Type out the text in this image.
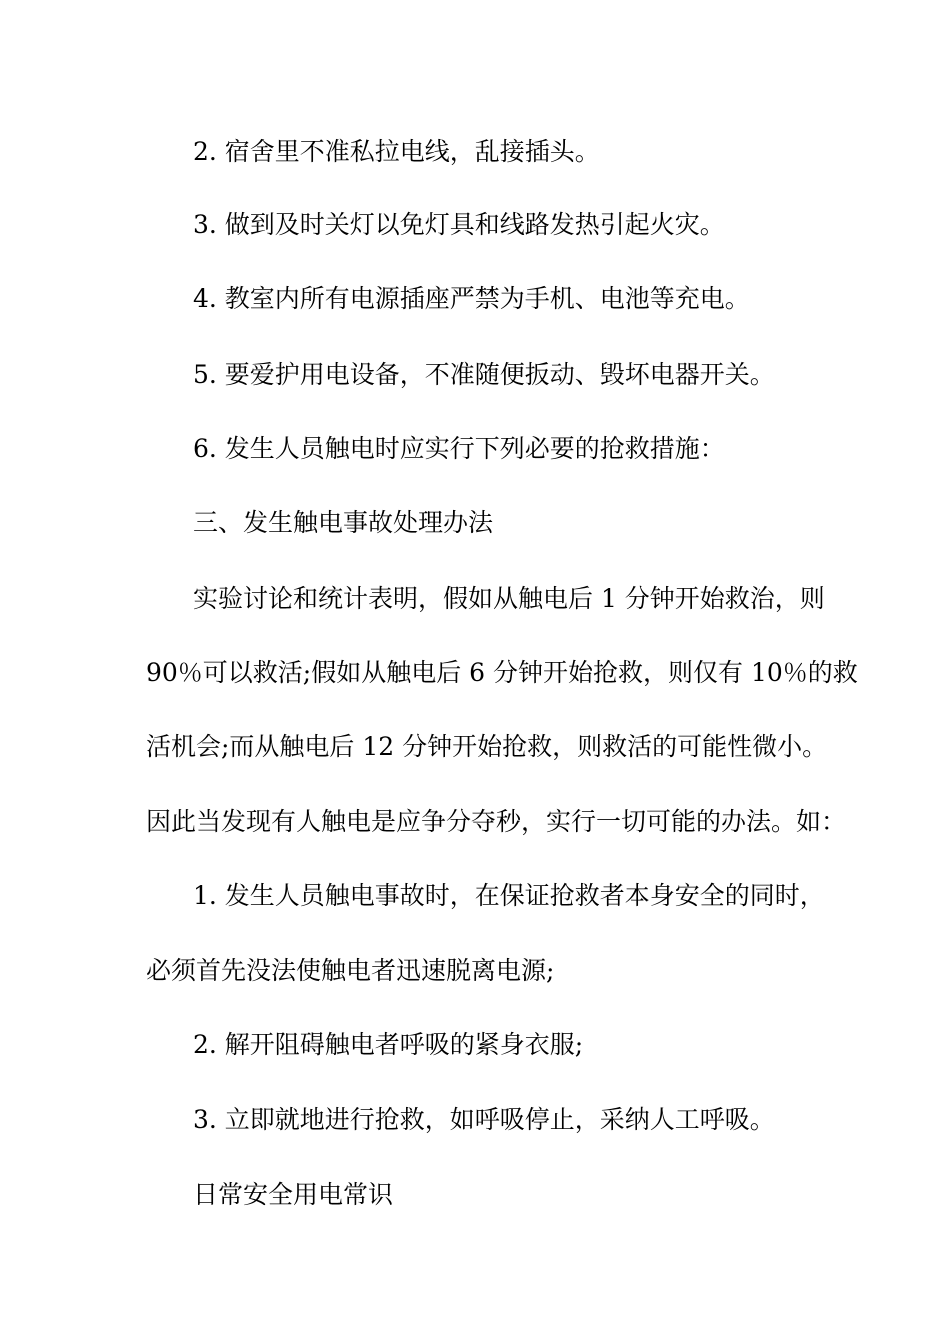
2. 宿舍里不准私拉电线，乱接插头。
3. 做到及时关灯以免灯具和线路发热引起火灾。
4. 教室内所有电源插座严禁为手机、电池等充电。
5. 要爱护用电设备，不准随便扳动、毁坏电器开关。
6. 发生人员触电时应实行下列必要的抢救措施：
三、发生触电事故处理办法
实验讨论和统计表明，假如从触电后 1 分钟开始救治，则
90％可以救活;假如从触电后 6 分钟开始抢救，则仅有 10％的救
活机会;而从触电后 12 分钟开始抢救，则救活的可能性微小。
因此当发现有人触电是应争分夺秒，实行一切可能的办法。如：
1. 发生人员触电事故时，在保证抢救者本身安全的同时，
必须首先没法使触电者迅速脱离电源;
2. 解开阻碍触电者呼吸的紧身衣服;
3. 立即就地进行抢救，如呼吸停止，采纳人工呼吸。
日常安全用电常识
